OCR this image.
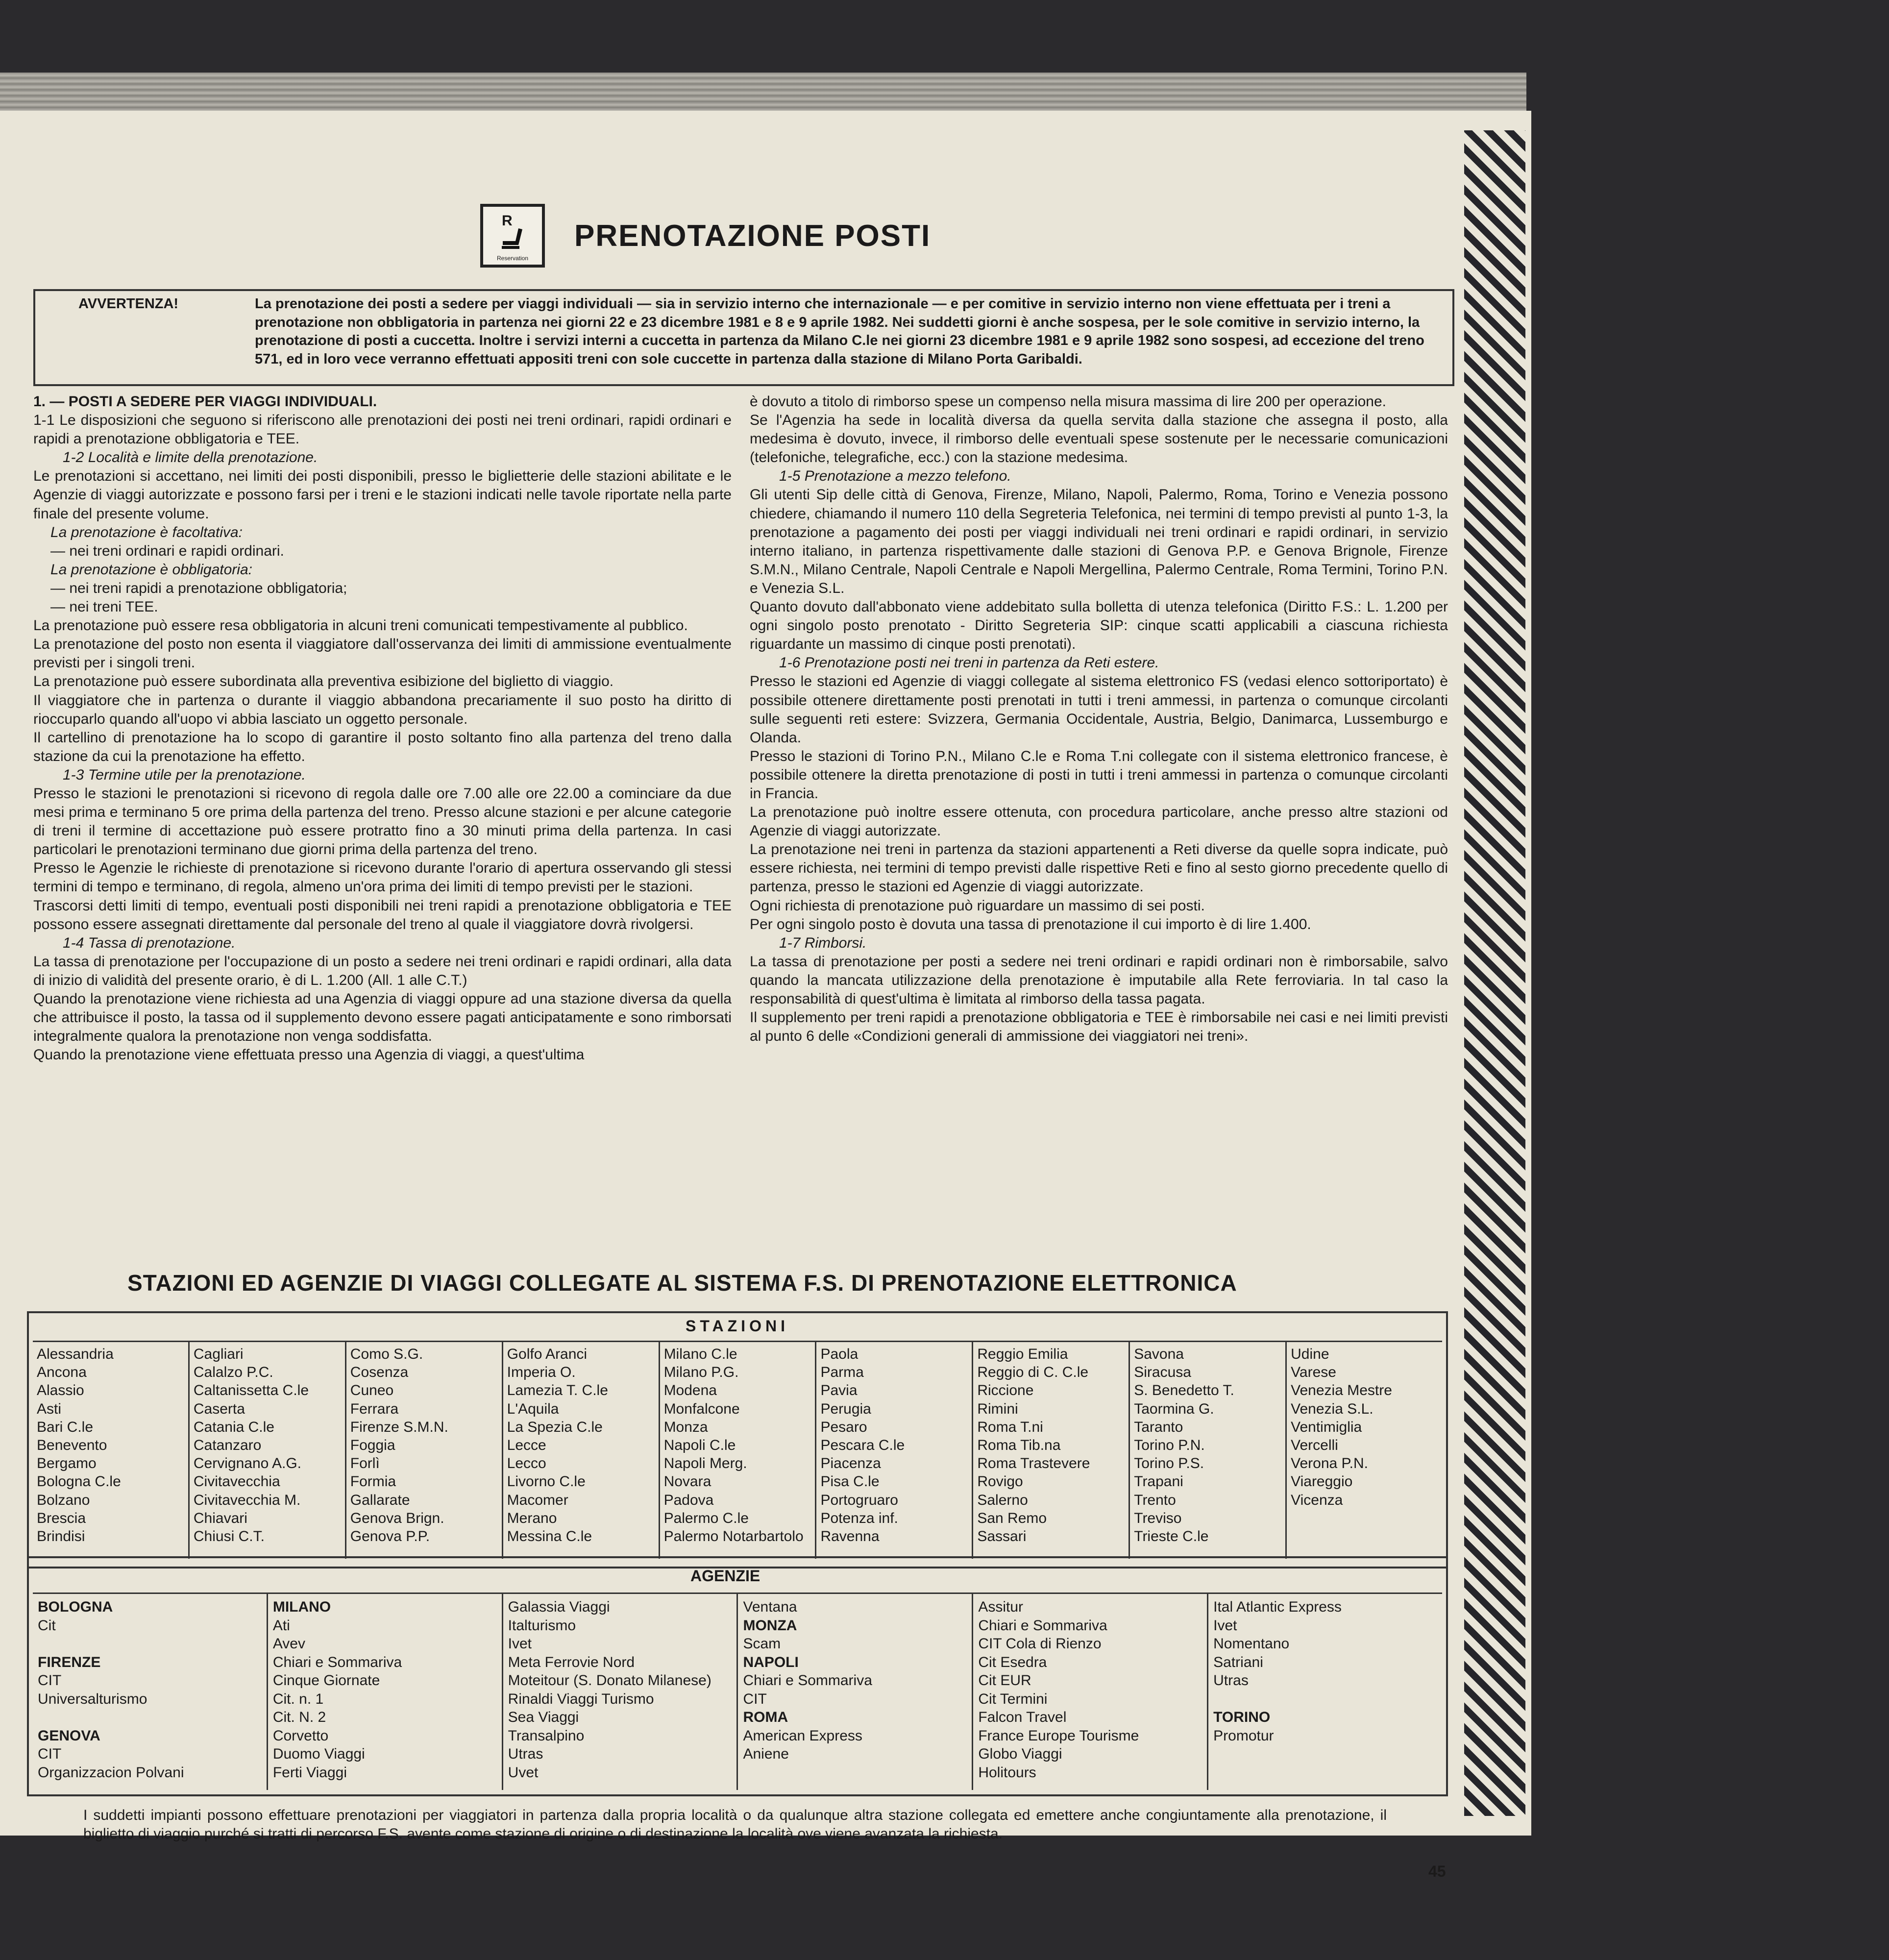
R
Reservation
PRENOTAZIONE POSTI
AVVERTENZA!	La prenotazione dei posti a sedere per viaggi individuali — sia in servizio interno che internazionale — e per comitive in servizio interno non viene effettuata per i treni a prenotazione non obbligatoria in partenza nei giorni 22 e 23 dicembre 1981 e 8 e 9 aprile 1982. Nei suddetti giorni è anche sospesa, per le sole comitive in servizio interno, la prenotazione di posti a cuccetta. Inoltre i servizi interni a cuccetta in partenza da Milano C.le nei giorni 23 dicembre 1981 e 9 aprile 1982 sono sospesi, ad eccezione del treno 571, ed in loro vece verranno effettuati appositi treni con sole cuccette in partenza dalla stazione di Milano Porta Garibaldi.

1. — POSTI A SEDERE PER VIAGGI INDIVIDUALI.

1-1 Le disposizioni che seguono si riferiscono alle prenotazioni dei posti nei treni ordinari, rapidi ordinari e rapidi a prenotazione obbligatoria e TEE.

1-2 Località e limite della prenotazione.

Le prenotazioni si accettano, nei limiti dei posti disponibili, presso le biglietterie delle stazioni abilitate e le Agenzie di viaggi autorizzate e possono farsi per i treni e le stazioni indicati nelle tavole riportate nella parte finale del presente volume.

La prenotazione è facoltativa:

— nei treni ordinari e rapidi ordinari.

La prenotazione è obbligatoria:

— nei treni rapidi a prenotazione obbligatoria;

— nei treni TEE.

La prenotazione può essere resa obbligatoria in alcuni treni comunicati tempestivamente al pubblico.

La prenotazione del posto non esenta il viaggiatore dall'osservanza dei limiti di ammissione eventualmente previsti per i singoli treni.

La prenotazione può essere subordinata alla preventiva esibizione del biglietto di viaggio.

Il viaggiatore che in partenza o durante il viaggio abbandona precariamente il suo posto ha diritto di rioccuparlo quando all'uopo vi abbia lasciato un oggetto personale.

Il cartellino di prenotazione ha lo scopo di garantire il posto soltanto fino alla partenza del treno dalla stazione da cui la prenotazione ha effetto.

1-3 Termine utile per la prenotazione.

Presso le stazioni le prenotazioni si ricevono di regola dalle ore 7.00 alle ore 22.00 a cominciare da due mesi prima e terminano 5 ore prima della partenza del treno. Presso alcune stazioni e per alcune categorie di treni il termine di accettazione può essere protratto fino a 30 minuti prima della partenza. In casi particolari le prenotazioni terminano due giorni prima della partenza del treno.

Presso le Agenzie le richieste di prenotazione si ricevono durante l'orario di apertura osservando gli stessi termini di tempo e terminano, di regola, almeno un'ora prima dei limiti di tempo previsti per le stazioni.

Trascorsi detti limiti di tempo, eventuali posti disponibili nei treni rapidi a prenotazione obbligatoria e TEE possono essere assegnati direttamente dal personale del treno al quale il viaggiatore dovrà rivolgersi.

1-4 Tassa di prenotazione.

La tassa di prenotazione per l'occupazione di un posto a sedere nei treni ordinari e rapidi ordinari, alla data di inizio di validità del presente orario, è di L. 1.200 (All. 1 alle C.T.)

Quando la prenotazione viene richiesta ad una Agenzia di viaggi oppure ad una stazione diversa da quella che attribuisce il posto, la tassa od il supplemento devono essere pagati anticipatamente e sono rimborsati integralmente qualora la prenotazione non venga soddisfatta.

Quando la prenotazione viene effettuata presso una Agenzia di viaggi, a quest'ultima

è dovuto a titolo di rimborso spese un compenso nella misura massima di lire 200 per operazione.

Se l'Agenzia ha sede in località diversa da quella servita dalla stazione che assegna il posto, alla medesima è dovuto, invece, il rimborso delle eventuali spese sostenute per le necessarie comunicazioni (telefoniche, telegrafiche, ecc.) con la stazione medesima.

1-5 Prenotazione a mezzo telefono.

Gli utenti Sip delle città di Genova, Firenze, Milano, Napoli, Palermo, Roma, Torino e Venezia possono chiedere, chiamando il numero 110 della Segreteria Telefonica, nei termini di tempo previsti al punto 1-3, la prenotazione a pagamento dei posti per viaggi individuali nei treni ordinari e rapidi ordinari, in servizio interno italiano, in partenza rispettivamente dalle stazioni di Genova P.P. e Genova Brignole, Firenze S.M.N., Milano Centrale, Napoli Centrale e Napoli Mergellina, Palermo Centrale, Roma Termini, Torino P.N. e Venezia S.L.

Quanto dovuto dall'abbonato viene addebitato sulla bolletta di utenza telefonica (Diritto F.S.: L. 1.200 per ogni singolo posto prenotato - Diritto Segreteria SIP: cinque scatti applicabili a ciascuna richiesta riguardante un massimo di cinque posti prenotati).

1-6 Prenotazione posti nei treni in partenza da Reti estere.

Presso le stazioni ed Agenzie di viaggi collegate al sistema elettronico FS (vedasi elenco sottoriportato) è possibile ottenere direttamente posti prenotati in tutti i treni ammessi, in partenza o comunque circolanti sulle seguenti reti estere: Svizzera, Germania Occidentale, Austria, Belgio, Danimarca, Lussemburgo e Olanda.

Presso le stazioni di Torino P.N., Milano C.le e Roma T.ni collegate con il sistema elettronico francese, è possibile ottenere la diretta prenotazione di posti in tutti i treni ammessi in partenza o comunque circolanti in Francia.

La prenotazione può inoltre essere ottenuta, con procedura particolare, anche presso altre stazioni od Agenzie di viaggi autorizzate.

La prenotazione nei treni in partenza da stazioni appartenenti a Reti diverse da quelle sopra indicate, può essere richiesta, nei termini di tempo previsti dalle rispettive Reti e fino al sesto giorno precedente quello di partenza, presso le stazioni ed Agenzie di viaggi autorizzate.

Ogni richiesta di prenotazione può riguardare un massimo di sei posti.

Per ogni singolo posto è dovuta una tassa di prenotazione il cui importo è di lire 1.400.

1-7 Rimborsi.

La tassa di prenotazione per posti a sedere nei treni ordinari e rapidi ordinari non è rimborsabile, salvo quando la mancata utilizzazione della prenotazione è imputabile alla Rete ferroviaria. In tal caso la responsabilità di quest'ultima è limitata al rimborso della tassa pagata.

Il supplemento per treni rapidi a prenotazione obbligatoria e TEE è rimborsabile nei casi e nei limiti previsti al punto 6 delle «Condizioni generali di ammissione dei viaggiatori nei treni».

STAZIONI ED AGENZIE DI VIAGGI COLLEGATE AL SISTEMA F.S. DI PRENOTAZIONE ELETTRONICA
STAZIONI
Alessandria
Ancona
Alassio
Asti
Bari C.le
Benevento
Bergamo
Bologna C.le
Bolzano
Brescia
Brindisi
Cagliari
Calalzo P.C.
Caltanissetta C.le
Caserta
Catania C.le
Catanzaro
Cervignano A.G.
Civitavecchia
Civitavecchia M.
Chiavari
Chiusi C.T.
Como S.G.
Cosenza
Cuneo
Ferrara
Firenze S.M.N.
Foggia
Forlì
Formia
Gallarate
Genova Brign.
Genova P.P.
Golfo Aranci
Imperia O.
Lamezia T. C.le
L'Aquila
La Spezia C.le
Lecce
Lecco
Livorno C.le
Macomer
Merano
Messina C.le
Milano C.le
Milano P.G.
Modena
Monfalcone
Monza
Napoli C.le
Napoli Merg.
Novara
Padova
Palermo C.le
Palermo Notarbartolo
Paola
Parma
Pavia
Perugia
Pesaro
Pescara C.le
Piacenza
Pisa C.le
Portogruaro
Potenza inf.
Ravenna
Reggio Emilia
Reggio di C. C.le
Riccione
Rimini
Roma T.ni
Roma Tib.na
Roma Trastevere
Rovigo
Salerno
San Remo
Sassari
Savona
Siracusa
S. Benedetto T.
Taormina G.
Taranto
Torino P.N.
Torino P.S.
Trapani
Trento
Treviso
Trieste C.le
Udine
Varese
Venezia Mestre
Venezia S.L.
Ventimiglia
Vercelli
Verona P.N.
Viareggio
Vicenza
AGENZIE
BOLOGNA
Cit

FIRENZE
CIT
Universalturismo

GENOVA
CIT
Organizzacion Polvani
MILANO
Ati
Avev
Chiari e Sommariva
Cinque Giornate
Cit. n. 1
Cit. N. 2
Corvetto
Duomo Viaggi
Ferti Viaggi
Galassia Viaggi
Italturismo
Ivet
Meta Ferrovie Nord
Moteitour (S. Donato Milanese)
Rinaldi Viaggi Turismo
Sea Viaggi
Transalpino
Utras
Uvet
Ventana
MONZA
Scam
NAPOLI
Chiari e Sommariva
CIT
ROMA
American Express
Aniene
Assitur
Chiari e Sommariva
CIT Cola di Rienzo
Cit Esedra
Cit EUR
Cit Termini
Falcon Travel
France Europe Tourisme
Globo Viaggi
Holitours
Ital Atlantic Express
Ivet
Nomentano
Satriani
Utras

TORINO
Promotur
I suddetti impianti possono effettuare prenotazioni per viaggiatori in partenza dalla propria località o da qualunque altra stazione collegata ed emettere anche congiuntamente alla prenotazione, il biglietto di viaggio purché si tratti di percorso F.S. avente come stazione di origine o di destinazione la località ove viene avanzata la richiesta.
45
